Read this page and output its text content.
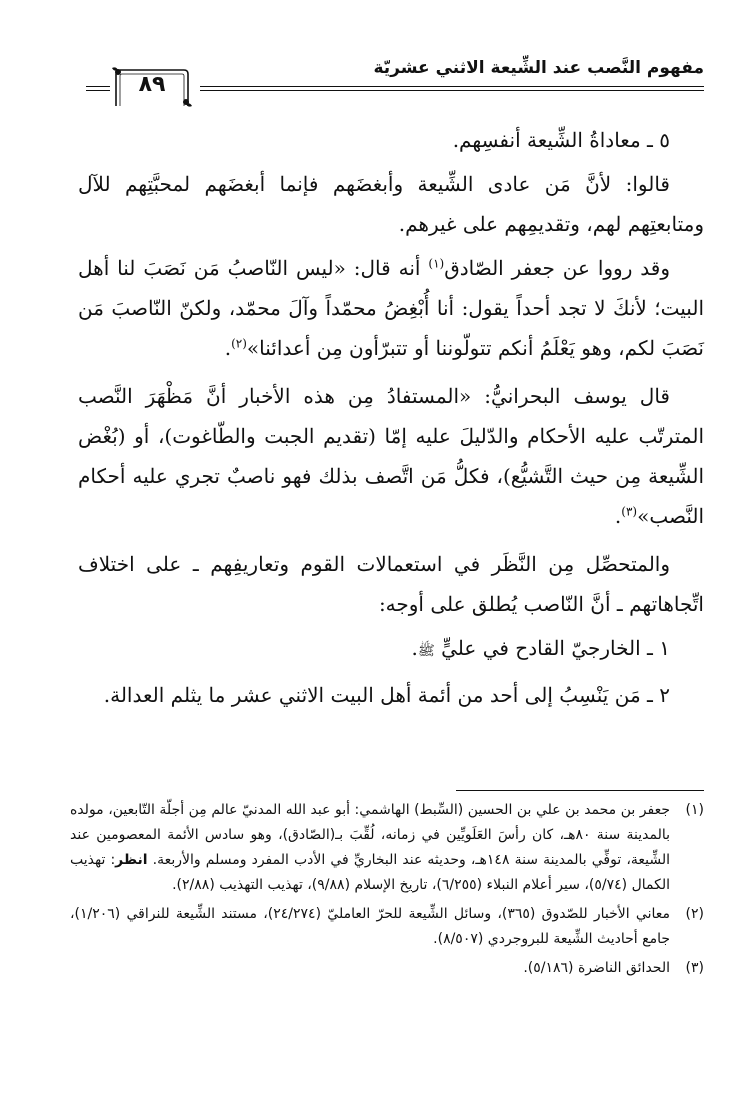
مفهوم النَّصب عند الشِّيعة الاثني عشريّة
٨٩

٥ ـ معاداةُ الشِّيعة أنفسِهم.

قالوا: لأنَّ مَن عادى الشِّيعة وأبغضَهم فإنما أبغضَهم لمحبَّتِهم للآل ومتابعتِهم لهم، وتقديمِهم على غيرهم.

وقد رووا عن جعفر الصّادق$^{(١)}$ أنه قال: «ليس النّاصبُ مَن نَصَبَ لنا أهل البيت؛ لأنكَ لا تجد أحداً يقول: أنا أُبْغِضُ محمّداً وآلَ محمّد، ولكنّ النّاصبَ مَن نَصَبَ لكم، وهو يَعْلَمُ أنكم تتولّوننا أو تتبرّأون مِن أعدائنا»$^{(٢)}$.

قال يوسف البحرانيُّ: «المستفادُ مِن هذه الأخبار أنَّ مَظْهَرَ النَّصب المترتّب عليه الأحكام والدّليلَ عليه إمّا (تقديم الجبت والطّاغوت)، أو (بُغْض الشِّيعة مِن حيث التَّشيُّع)، فكلُّ مَن اتَّصف بذلك فهو ناصبٌ تجري عليه أحكام النَّصب»$^{(٣)}$.

والمتحصِّل مِن النَّظَر في استعمالات القوم وتعاريفِهم ـ على اختلاف اتِّجاهاتهم ـ أنَّ النّاصب يُطلق على أوجه:

١ ـ الخارجيّ القادح في عليٍّ ﷺ.

٢ ـ مَن يَنْسِبُ إلى أحد من أئمة أهل البيت الاثني عشر ما يثلم العدالة.

(١)
جعفر بن محمد بن علي بن الحسين (السِّبط) الهاشمي: أبو عبد الله المدنيّ عالم مِن أجلّة التّابعين، مولده بالمدينة سنة ٨٠هـ، كان رأسَ العَلَويِّين في زمانه، لُقِّبَ بـ(الصّادق)، وهو سادس الأئمة المعصومين عند الشِّيعة، توفِّي بالمدينة سنة ١٤٨هـ، وحديثه عند البخاريِّ في الأدب المفرد ومسلم والأربعة. انظر: تهذيب الكمال (٥/٧٤)، سير أعلام النبلاء (٦/٢٥٥)، تاريخ الإسلام (٩/٨٨)، تهذيب التهذيب (٢/٨٨).
(٢)
معاني الأخبار للصّدوق (٣٦٥)، وسائل الشِّيعة للحرّ العامليّ (٢٤/٢٧٤)، مستند الشِّيعة للنراقي (١/٢٠٦)، جامع أحاديث الشِّيعة للبروجردي (٨/٥٠٧).
(٣)
الحدائق الناضرة (٥/١٨٦).
